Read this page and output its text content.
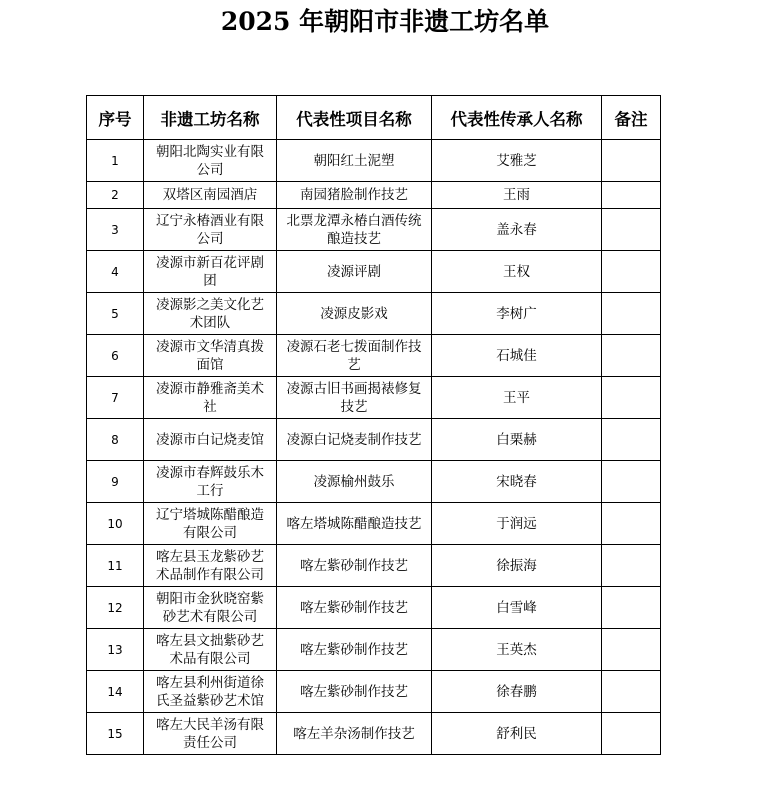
2025 年朝阳市非遗工坊名单
序号	非遗工坊名称	代表性项目名称	代表性传承人名称	备注
1	朝阳北陶实业有限公司	朝阳红土泥塑	艾雅芝	
2	双塔区南园酒店	南园猪脸制作技艺	王雨	
3	辽宁永椿酒业有限公司	北票龙潭永椿白酒传统酿造技艺	盖永春	
4	凌源市新百花评剧团	凌源评剧	王权	
5	凌源影之美文化艺术团队	凌源皮影戏	李树广	
6	凌源市文华清真拨面馆	凌源石老七拨面制作技艺	石城佳	
7	凌源市静雅斋美术社	凌源古旧书画揭裱修复技艺	王平	
8	凌源市白记烧麦馆	凌源白记烧麦制作技艺	白栗赫	
9	凌源市春辉鼓乐木工行	凌源榆州鼓乐	宋晓春	
10	辽宁塔城陈醋酿造有限公司	喀左塔城陈醋酿造技艺	于润远	
11	喀左县玉龙紫砂艺术品制作有限公司	喀左紫砂制作技艺	徐振海	
12	朝阳市金狄晓窑紫砂艺术有限公司	喀左紫砂制作技艺	白雪峰	
13	喀左县文拙紫砂艺术品有限公司	喀左紫砂制作技艺	王英杰	
14	喀左县利州街道徐氏圣益紫砂艺术馆	喀左紫砂制作技艺	徐春鹏	
15	喀左大民羊汤有限责任公司	喀左羊杂汤制作技艺	舒利民	
